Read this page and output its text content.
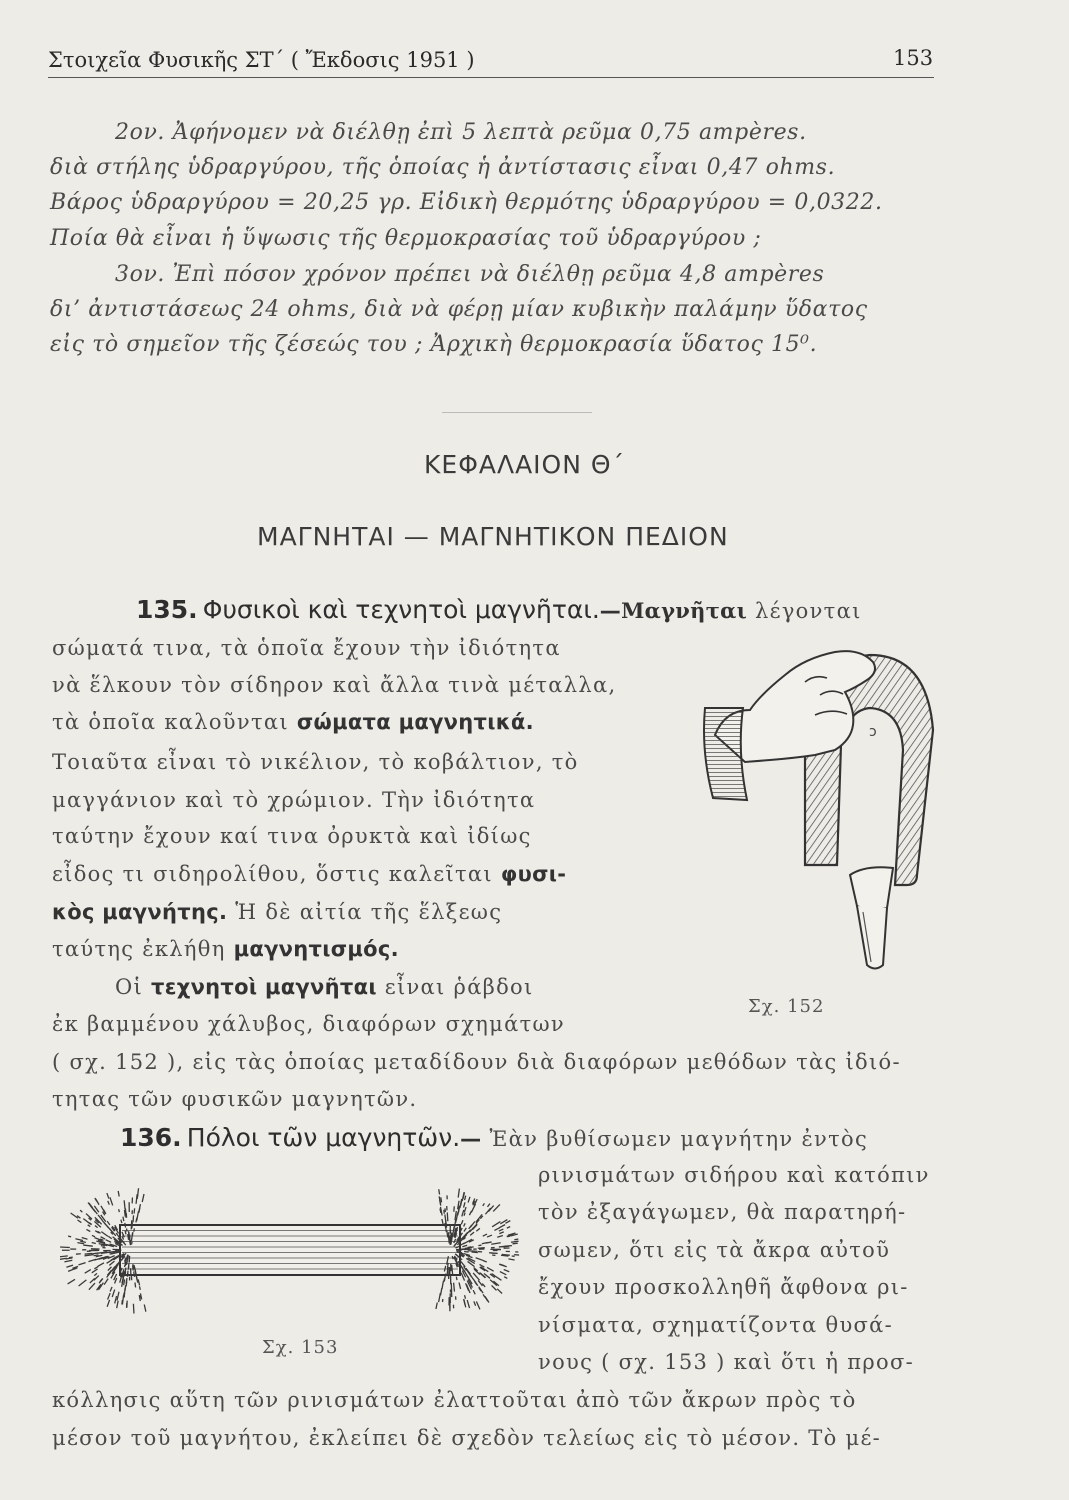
Στοιχεῖα Φυσικῆς ΣΤ΄ ( Ἔκδοσις 1951 )	153
2ον. Ἀφήνομεν νὰ διέλθῃ ἐπὶ 5 λεπτὰ ρεῦμα 0,75 ampères.
διὰ στήλης ὑδραργύρου, τῆς ὁποίας ἡ ἀντίστασις εἶναι 0,47 ohms.
Βάρος ὑδραργύρου = 20,25 γρ. Εἰδικὴ θερμότης ὑδραργύρου = 0,0322.
Ποία θὰ εἶναι ἡ ὕψωσις τῆς θερμοκρασίας τοῦ ὑδραργύρου ;
3ον. Ἐπὶ πόσον χρόνον πρέπει νὰ διέλθῃ ρεῦμα 4,8 ampères
δι’ ἀντιστάσεως 24 ohms, διὰ νὰ φέρῃ μίαν κυβικὴν παλάμην ὕδατος
εἰς τὸ σημεῖον τῆς ζέσεώς του ; Ἀρχικὴ θερμοκρασία ὕδατος 15⁰.
ΚΕΦΑΛΑΙΟΝ Θ΄
ΜΑΓΝΗΤΑΙ — ΜΑΓΝΗΤΙΚΟΝ ΠΕΔΙΟΝ
135. Φυσικοὶ καὶ τεχνητοὶ μαγνῆται.—Μαγνῆται λέγονται
σώματά τινα, τὰ ὁποῖα ἔχουν τὴν ἰδιότητα
νὰ ἕλκουν τὸν σίδηρον καὶ ἄλλα τινὰ μέταλλα,
τὰ ὁποῖα καλοῦνται σώματα μαγνητικά.
Τοιαῦτα εἶναι τὸ νικέλιον, τὸ κοβάλτιον, τὸ
μαγγάνιον καὶ τὸ χρώμιον. Τὴν ἰδιότητα
ταύτην ἔχουν καί τινα ὀρυκτὰ καὶ ἰδίως
εἶδος τι σιδηρολίθου, ὅστις καλεῖται φυσι-
κὸς μαγνήτης. Ἡ δὲ αἰτία τῆς ἕλξεως
ταύτης ἐκλήθη μαγνητισμός.
Οἱ τεχνητοὶ μαγνῆται εἶναι ῥάβδοι
ἐκ βαμμένου χάλυβος, διαφόρων σχημάτων
( σχ. 152 ), εἰς τὰς ὁποίας μεταδίδουν διὰ διαφόρων μεθόδων τὰς ἰδιό-
τητας τῶν φυσικῶν μαγνητῶν.
ↄ
Σχ. 152
136. Πόλοι τῶν μαγνητῶν.— Ἐὰν βυθίσωμεν μαγνήτην ἐντὸς
ρινισμάτων σιδήρου καὶ κατόπιν
τὸν ἐξαγάγωμεν, θὰ παρατηρή-
σωμεν, ὅτι εἰς τὰ ἄκρα αὐτοῦ
ἔχουν προσκολληθῆ ἄφθονα ρι-
νίσματα, σχηματίζοντα θυσά-
νους ( σχ. 153 ) καὶ ὅτι ἡ προσ-
κόλλησις αὕτη τῶν ρινισμάτων ἐλαττοῦται ἀπὸ τῶν ἄκρων πρὸς τὸ
μέσον τοῦ μαγνήτου, ἐκλείπει δὲ σχεδὸν τελείως εἰς τὸ μέσον. Τὸ μέ-
Σχ. 153
